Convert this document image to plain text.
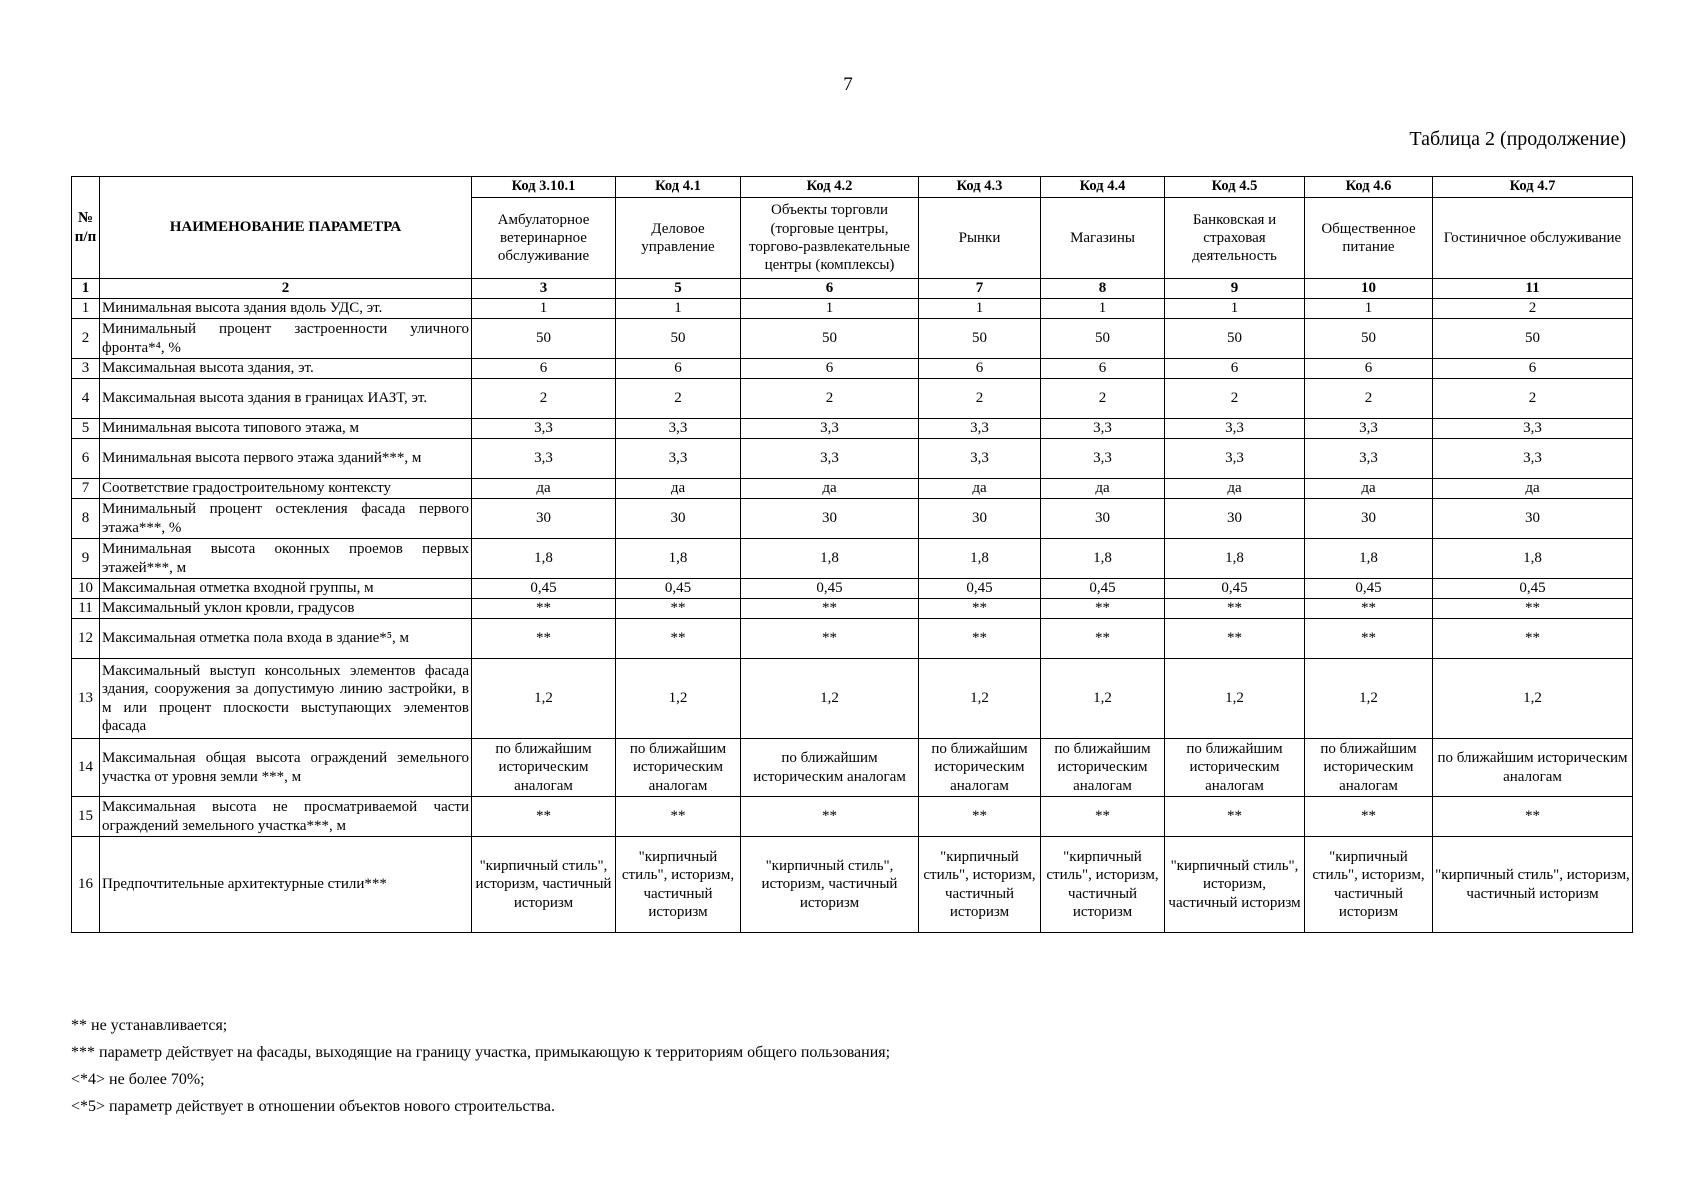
7
Таблица 2 (продолжение)
№ п/п	НАИМЕНОВАНИЕ ПАРАМЕТРА	Код 3.10.1	Код 4.1	Код 4.2	Код 4.3	Код 4.4	Код 4.5	Код 4.6	Код 4.7
		Амбулаторное ветеринарное обслуживание	Деловое управление	Объекты торговли (торговые центры, торгово-развлекательные центры (комплексы)	Рынки	Магазины	Банковская и страховая деятельность	Общественное питание	Гостиничное обслуживание
1	2	3	5	6	7	8	9	10	11
1	Минимальная высота здания вдоль УДС, эт.	1	1	1	1	1	1	1	2
2	Минимальный процент застроенности уличного фронта*⁴, %	50	50	50	50	50	50	50	50
3	Максимальная высота здания, эт.	6	6	6	6	6	6	6	6
4	Максимальная высота здания в границах ИАЗТ, эт.	2	2	2	2	2	2	2	2
5	Минимальная высота типового этажа, м	3,3	3,3	3,3	3,3	3,3	3,3	3,3	3,3
6	Минимальная высота первого этажа зданий***, м	3,3	3,3	3,3	3,3	3,3	3,3	3,3	3,3
7	Соответствие градостроительному контексту	да	да	да	да	да	да	да	да
8	Минимальный процент остекления фасада первого этажа***, %	30	30	30	30	30	30	30	30
9	Минимальная высота оконных проемов первых этажей***, м	1,8	1,8	1,8	1,8	1,8	1,8	1,8	1,8
10	Максимальная отметка входной группы, м	0,45	0,45	0,45	0,45	0,45	0,45	0,45	0,45
11	Максимальный уклон кровли, градусов	**	**	**	**	**	**	**	**
12	Максимальная отметка пола входа в здание*⁵, м	**	**	**	**	**	**	**	**
13	Максимальный выступ консольных элементов фасада здания, сооружения за допустимую линию застройки, в м или процент плоскости выступающих элементов фасада	1,2	1,2	1,2	1,2	1,2	1,2	1,2	1,2
14	Максимальная общая высота ограждений земельного участка от уровня земли ***, м	по ближайшим историческим аналогам	по ближайшим историческим аналогам	по ближайшим историческим аналогам	по ближайшим историческим аналогам	по ближайшим историческим аналогам	по ближайшим историческим аналогам	по ближайшим историческим аналогам	по ближайшим историческим аналогам
15	Максимальная высота не просматриваемой части ограждений земельного участка***, м	**	**	**	**	**	**	**	**
16	Предпочтительные архитектурные стили***	"кирпичный стиль", историзм, частичный историзм	"кирпичный стиль", историзм, частичный историзм	"кирпичный стиль", историзм, частичный историзм	"кирпичный стиль", историзм, частичный историзм	"кирпичный стиль", историзм, частичный историзм	"кирпичный стиль", историзм, частичный историзм	"кирпичный стиль", историзм, частичный историзм	"кирпичный стиль", историзм, частичный историзм
** не устанавливается;
*** параметр действует на фасады, выходящие на границу участка, примыкающую к территориям общего пользования;
<*4> не более 70%;
<*5> параметр действует в отношении объектов нового строительства.
